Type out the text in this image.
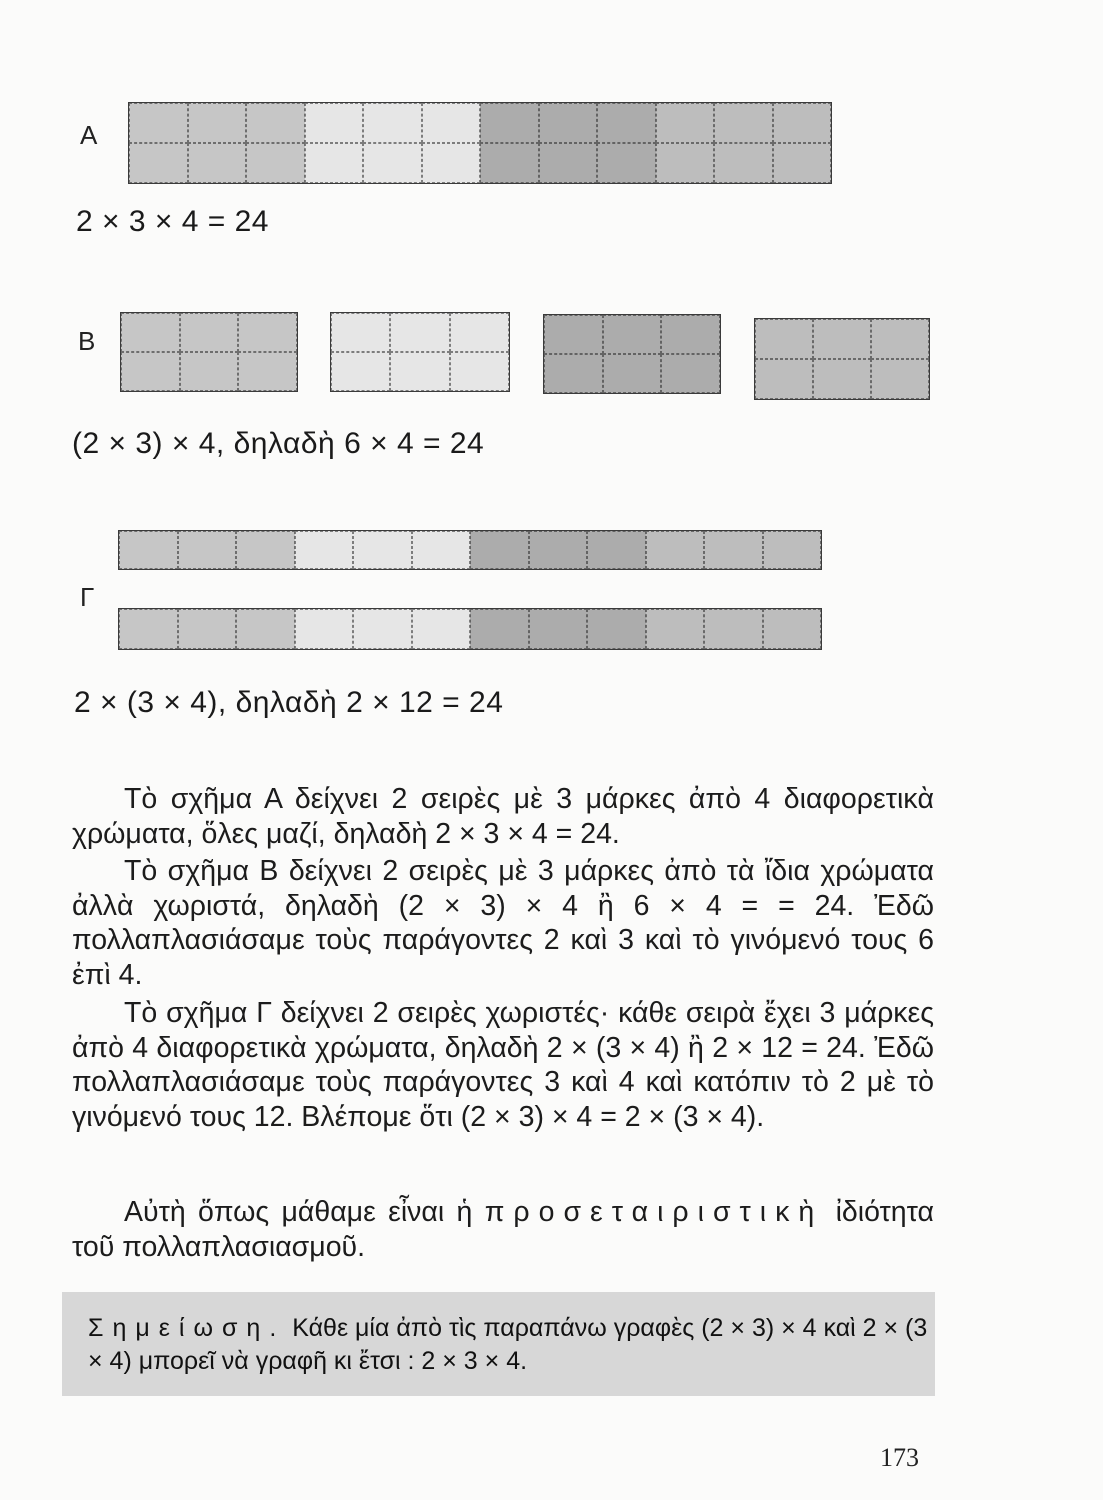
Α
2 × 3 × 4 = 24
Β
(2 × 3) × 4, δηλαδὴ 6 × 4 = 24
Γ
2 × (3 × 4), δηλαδὴ 2 × 12 = 24

Τὸ σχῆμα Α δείχνει 2 σειρὲς μὲ 3 μάρκες ἀπὸ 4 διαφορετικὰ χρώματα, ὅλες μαζί, δηλαδὴ 2 × 3 × 4 = 24.

Τὸ σχῆμα Β δείχνει 2 σειρὲς μὲ 3 μάρκες ἀπὸ τὰ ἴδια χρώματα ἀλλὰ χωριστά, δηλαδὴ (2 × 3) × 4 ἢ 6 × 4 = = 24. Ἐδῶ πολλαπλασιάσαμε τοὺς παράγοντες 2 καὶ 3 καὶ τὸ γινόμενό τους 6 ἐπὶ 4.

Τὸ σχῆμα Γ δείχνει 2 σειρὲς χωριστές· κάθε σειρὰ ἔχει 3 μάρκες ἀπὸ 4 διαφορετικὰ χρώματα, δηλαδὴ 2 × (3 × 4) ἢ 2 × 12 = 24. Ἐδῶ πολλαπλασιάσαμε τοὺς παράγοντες 3 καὶ 4 καὶ κατόπιν τὸ 2 μὲ τὸ γινόμενό τους 12. Βλέπομε ὅτι (2 × 3) × 4 = 2 × (3 × 4).

Αὐτὴ ὅπως μάθαμε εἶναι ἡ προσεταιριστικὴ ἰδιότητα τοῦ πολλαπλασιασμοῦ.

Σημείωση. Κάθε μία ἀπὸ τὶς παραπάνω γραφὲς (2 × 3) × 4 καὶ 2 × (3 × 4) μπορεῖ νὰ γραφῆ κι ἔτσι : 2 × 3 × 4.

173
